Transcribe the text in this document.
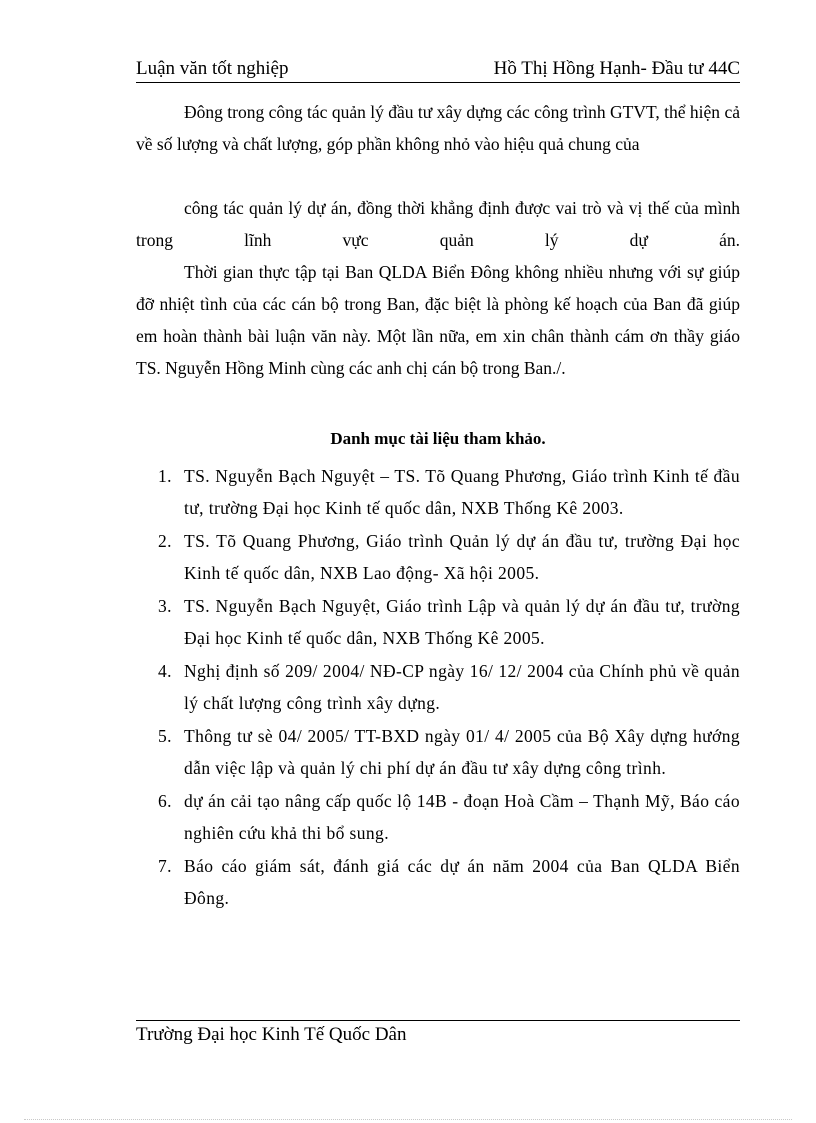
Luận văn tốt nghiệp	Hồ Thị Hồng Hạnh- Đầu tư 44C

Đông trong công tác quản lý đầu tư xây dựng các công trình GTVT, thể hiện cả về số lượng và chất lượng, góp phần không nhỏ vào hiệu quả chung của

công tác quản lý dự án, đồng thời khẳng định được vai trò và vị thế của mình trong lĩnh vực quản lý dự án.

Thời gian thực tập tại Ban QLDA Biển Đông không nhiều nhưng với sự giúp đỡ nhiệt tình của các cán bộ trong Ban, đặc biệt là phòng kế hoạch của Ban đã giúp em hoàn thành bài luận văn này. Một lần nữa, em xin chân thành cám ơn thầy giáo TS. Nguyễn Hồng Minh cùng các anh chị cán bộ trong Ban./.

Danh mục tài liệu tham khảo.
1. TS. Nguyễn Bạch Nguyệt – TS. Tõ Quang Phương, Giáo trình Kinh tế đầu tư, trường Đại học Kinh tế quốc dân, NXB Thống Kê 2003.
2. TS. Tõ Quang Phương, Giáo trình Quản lý dự án đầu tư, trường Đại học Kinh tế quốc dân, NXB Lao động- Xã hội 2005.
3. TS. Nguyễn Bạch Nguyệt, Giáo trình Lập và quản lý dự án đầu tư, trường Đại học Kinh tế quốc dân, NXB Thống Kê 2005.
4. Nghị định số 209/ 2004/ NĐ-CP ngày 16/ 12/ 2004 của Chính phủ về quản lý chất lượng công trình xây dựng.
5. Thông tư sè 04/ 2005/ TT-BXD ngày 01/ 4/ 2005 của Bộ Xây dựng hướng dẫn việc lập và quản lý chi phí dự án đầu tư xây dựng công trình.
6. dự án cải tạo nâng cấp quốc lộ 14B - đoạn Hoà Cầm – Thạnh Mỹ, Báo cáo nghiên cứu khả thi bổ sung.
7. Báo cáo giám sát, đánh giá các dự án năm 2004 của Ban QLDA Biển Đông.
Trường Đại học Kinh Tế Quốc Dân
